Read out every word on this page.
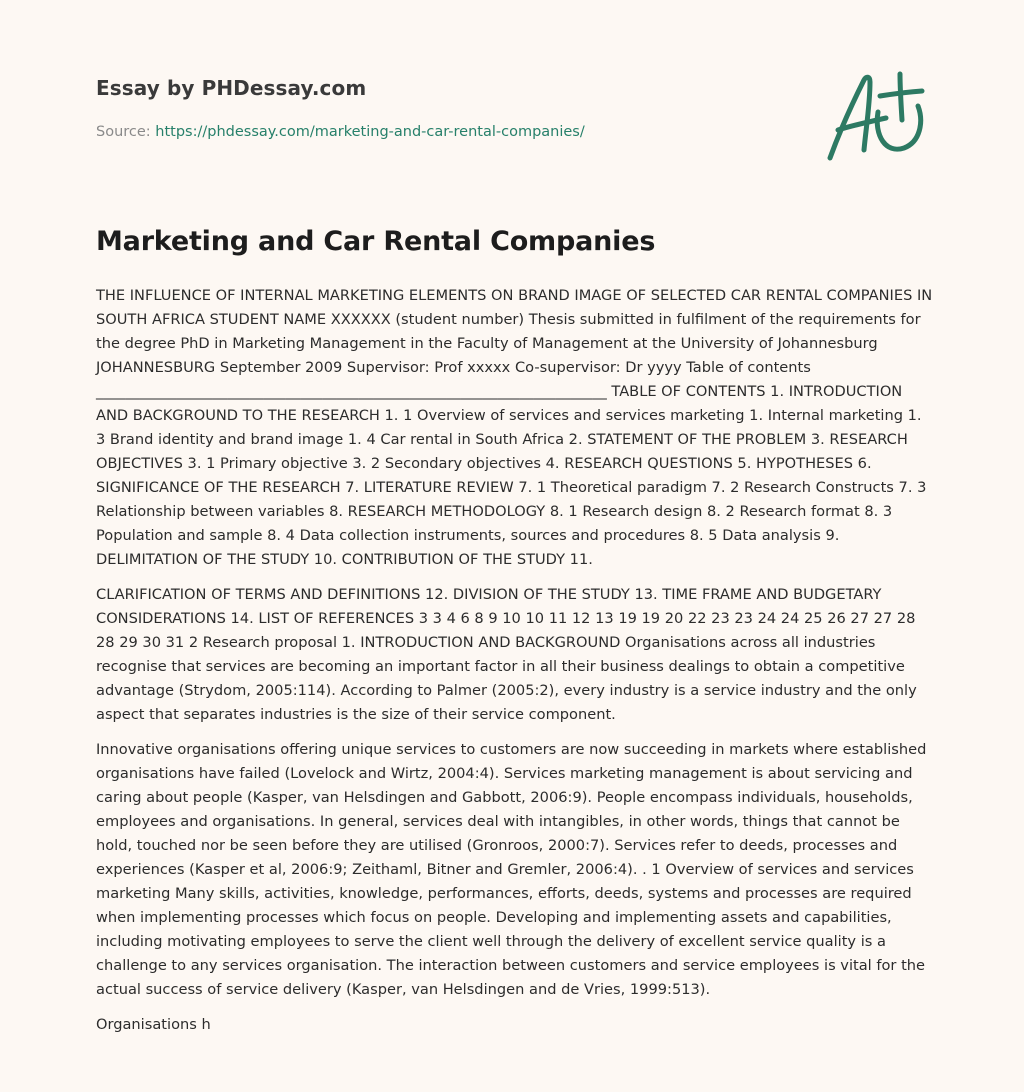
Essay by PHDessay.com
Source: https://phdessay.com/marketing-and-car-rental-companies/
Marketing and Car Rental Companies

THE INFLUENCE OF INTERNAL MARKETING ELEMENTS ON BRAND IMAGE OF SELECTED CAR RENTAL COMPANIES IN SOUTH AFRICA STUDENT NAME XXXXXX (student number) Thesis submitted in fulfilment of the requirements for the degree PhD in Marketing Management in the Faculty of Management at the University of Johannesburg JOHANNESBURG September 2009 Supervisor: Prof xxxxx Co-supervisor: Dr yyyy Table of contents ______________________________________________________________________ TABLE OF CONTENTS 1. INTRODUCTION AND BACKGROUND TO THE RESEARCH 1. 1 Overview of services and services marketing 1. Internal marketing 1. 3 Brand identity and brand image 1. 4 Car rental in South Africa 2. STATEMENT OF THE PROBLEM 3. RESEARCH OBJECTIVES 3. 1 Primary objective 3. 2 Secondary objectives 4. RESEARCH QUESTIONS 5. HYPOTHESES 6. SIGNIFICANCE OF THE RESEARCH 7. LITERATURE REVIEW 7. 1 Theoretical paradigm 7. 2 Research Constructs 7. 3 Relationship between variables 8. RESEARCH METHODOLOGY 8. 1 Research design 8. 2 Research format 8. 3 Population and sample 8. 4 Data collection instruments, sources and procedures 8. 5 Data analysis 9. DELIMITATION OF THE STUDY 10. CONTRIBUTION OF THE STUDY 11.

CLARIFICATION OF TERMS AND DEFINITIONS 12. DIVISION OF THE STUDY 13. TIME FRAME AND BUDGETARY CONSIDERATIONS 14. LIST OF REFERENCES 3 3 4 6 8 9 10 10 11 12 13 19 19 20 22 23 23 24 24 25 26 27 27 28 28 29 30 31 2 Research proposal 1. INTRODUCTION AND BACKGROUND Organisations across all industries recognise that services are becoming an important factor in all their business dealings to obtain a competitive advantage (Strydom, 2005:114). According to Palmer (2005:2), every industry is a service industry and the only aspect that separates industries is the size of their service component.

Innovative organisations offering unique services to customers are now succeeding in markets where established organisations have failed (Lovelock and Wirtz, 2004:4). Services marketing management is about servicing and caring about people (Kasper, van Helsdingen and Gabbott, 2006:9). People encompass individuals, households, employees and organisations. In general, services deal with intangibles, in other words, things that cannot be hold, touched nor be seen before they are utilised (Gronroos, 2000:7). Services refer to deeds, processes and experiences (Kasper et al, 2006:9; Zeithaml, Bitner and Gremler, 2006:4). . 1 Overview of services and services marketing Many skills, activities, knowledge, performances, efforts, deeds, systems and processes are required when implementing processes which focus on people. Developing and implementing assets and capabilities, including motivating employees to serve the client well through the delivery of excellent service quality is a challenge to any services organisation. The interaction between customers and service employees is vital for the actual success of service delivery (Kasper, van Helsdingen and de Vries, 1999:513).

Organisations h
